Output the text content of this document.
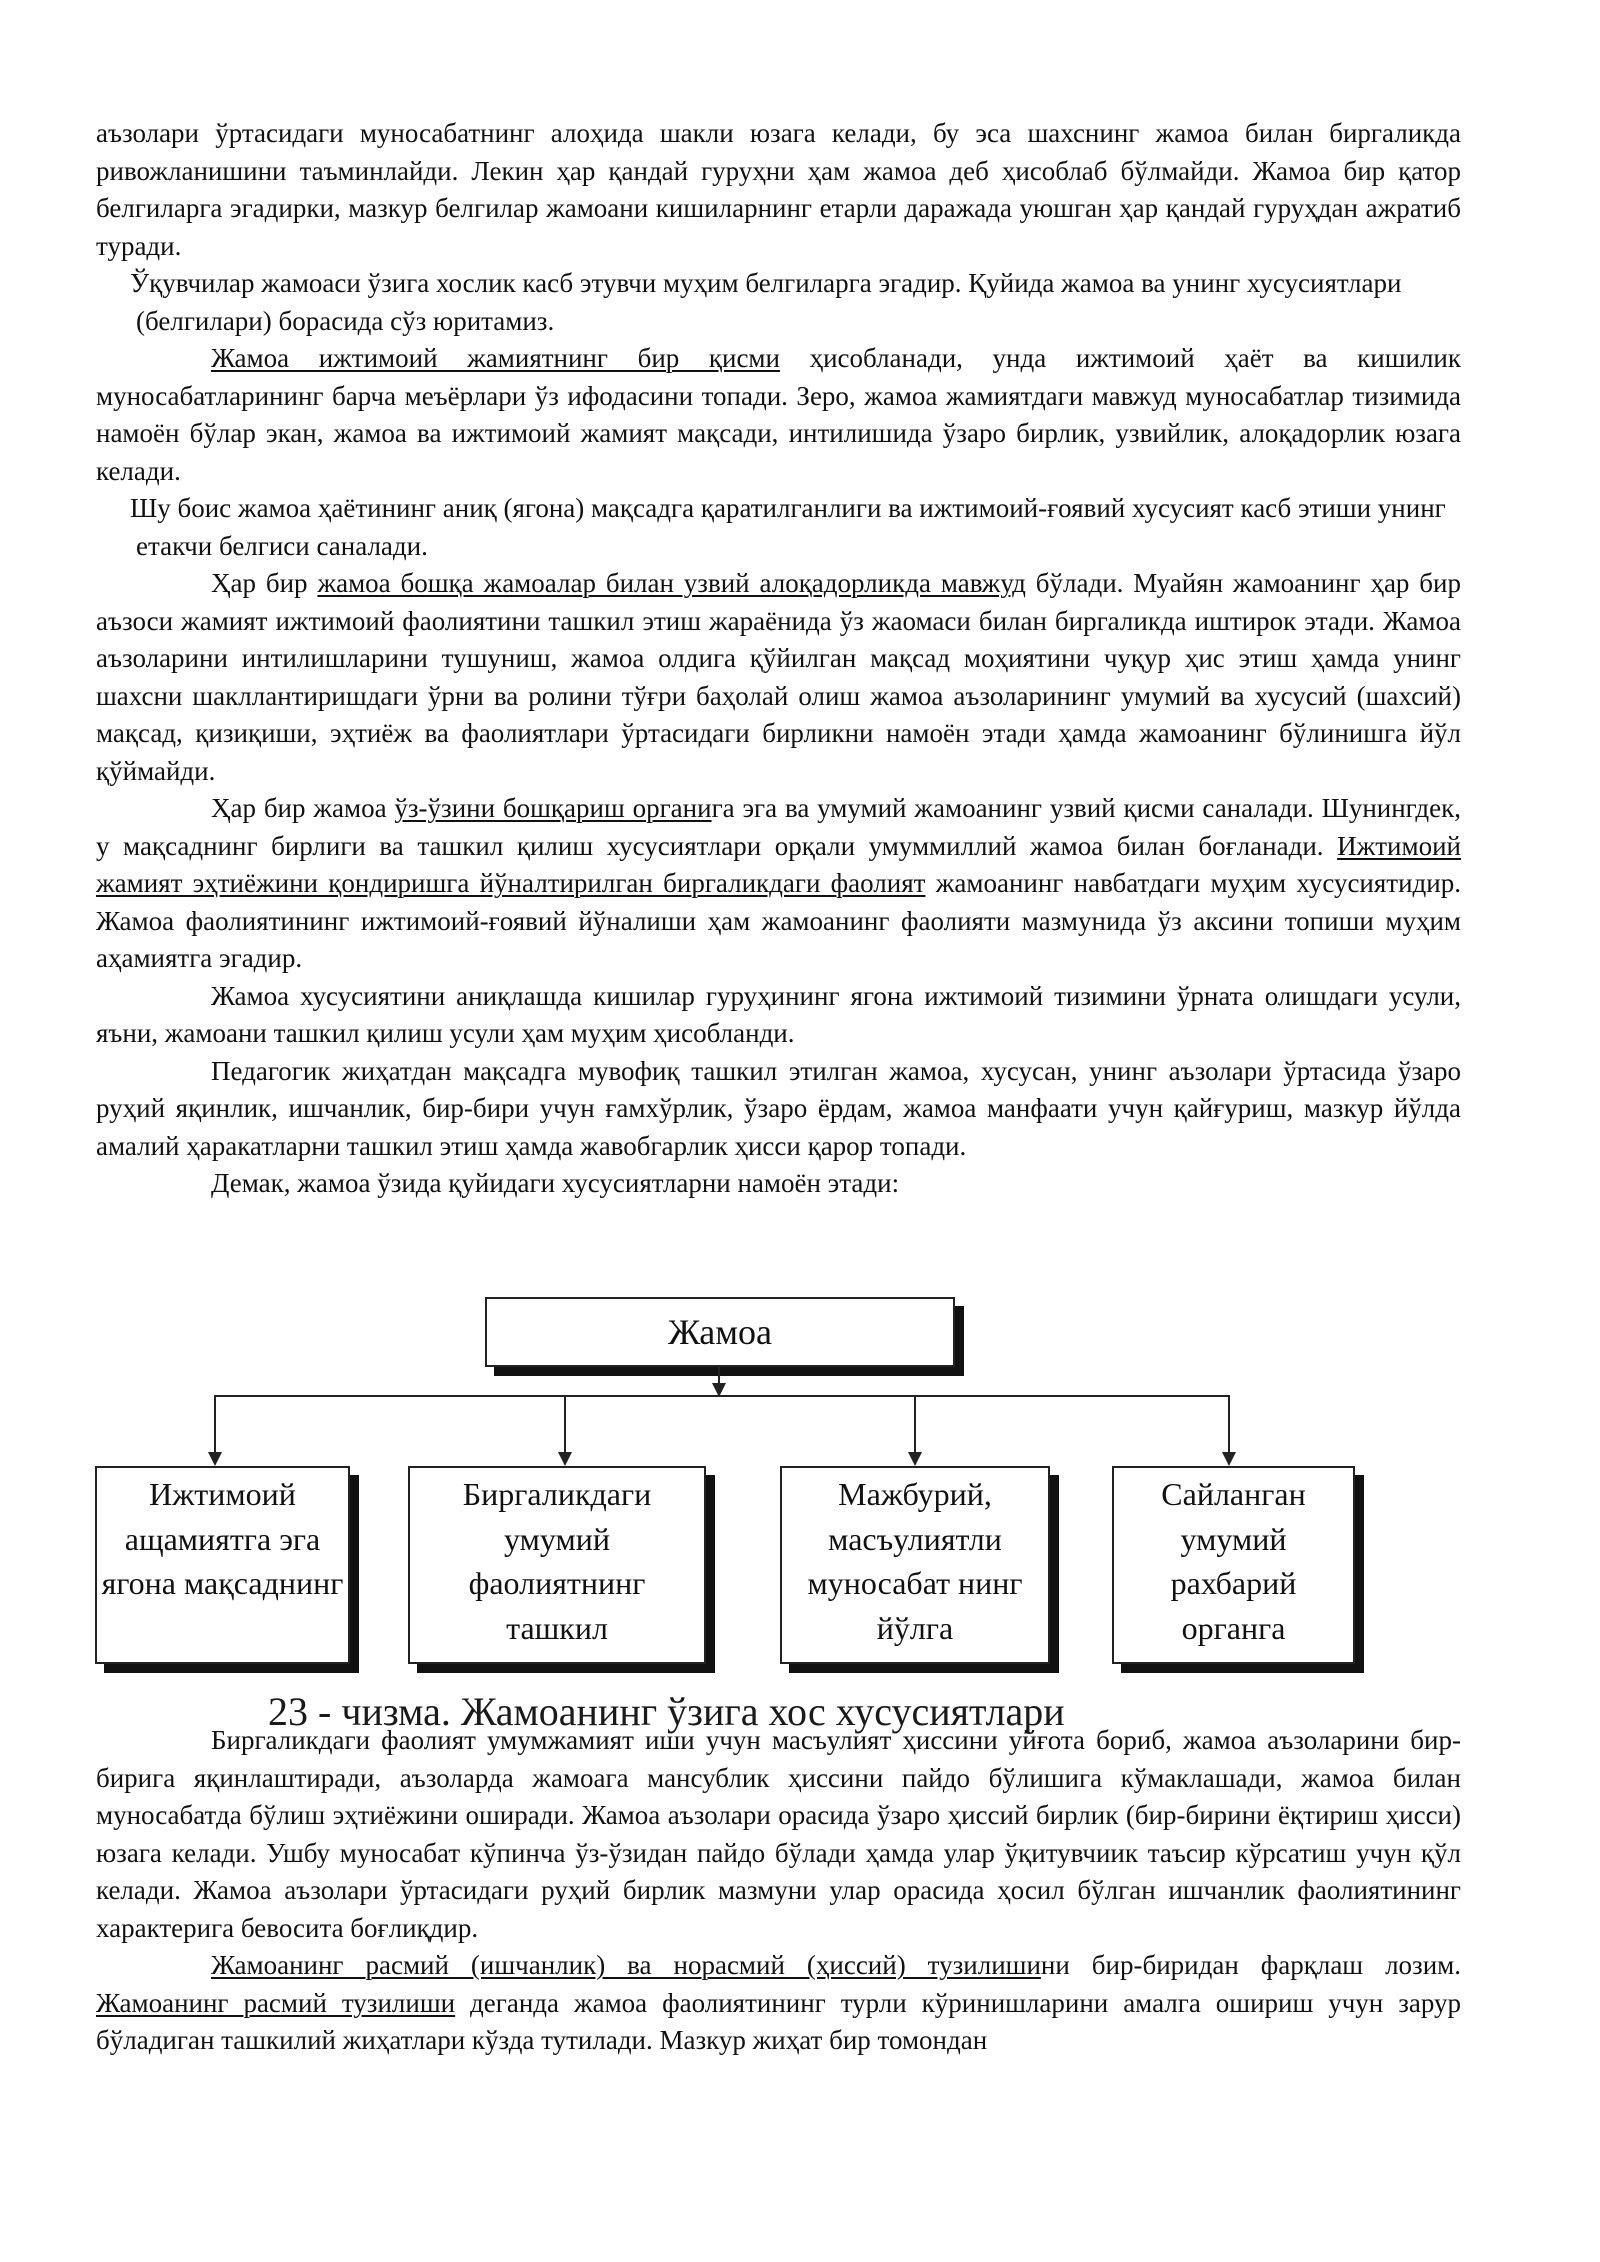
аъзолари ўртасидаги муносабатнинг алоҳида шакли юзага келади, бу эса шахснинг жамоа билан биргаликда ривожланишини таъминлайди. Лекин ҳар қандай гуруҳни ҳам жамоа деб ҳисоблаб бўлмайди. Жамоа бир қатор белгиларга эгадирки, мазкур белгилар жамоани кишиларнинг етарли даражада уюшган ҳар қандай гуруҳдан ажратиб туради.

Ўқувчилар жамоаси ўзига хослик касб этувчи муҳим белгиларга эгадир. Қуйида жамоа ва унинг хусусиятлари (белгилари) борасида сўз юритамиз.

Жамоа ижтимоий жамиятнинг бир қисми ҳисобланади, унда ижтимоий ҳаёт ва кишилик муносабатларининг барча меъёрлари ўз ифодасини топади. Зеро, жамоа жамиятдаги мавжуд муносабатлар тизимида намоён бўлар экан, жамоа ва ижтимоий жамият мақсади, интилишида ўзаро бирлик, узвийлик, алоқадорлик юзага келади.

Шу боис жамоа ҳаётининг аниқ (ягона) мақсадга қаратилганлиги ва ижтимоий-ғоявий хусусият касб этиши унинг етакчи белгиси саналади.

Ҳар бир жамоа бошқа жамоалар билан узвий алоқадорликда мавжуд бўлади. Муайян жамоанинг ҳар бир аъзоси жамият ижтимоий фаолиятини ташкил этиш жараёнида ўз жаомаси билан биргаликда иштирок этади. Жамоа аъзоларини интилишларини тушуниш, жамоа олдига қўйилган мақсад моҳиятини чуқур ҳис этиш ҳамда унинг шахсни шакллантиришдаги ўрни ва ролини тўғри баҳолай олиш жамоа аъзоларининг умумий ва хусусий (шахсий) мақсад, қизиқиши, эҳтиёж ва фаолиятлари ўртасидаги бирликни намоён этади ҳамда жамоанинг бўлинишга йўл қўймайди.

Ҳар бир жамоа ўз-ўзини бошқариш органига эга ва умумий жамоанинг узвий қисми саналади. Шунингдек, у мақсаднинг бирлиги ва ташкил қилиш хусусиятлари орқали умуммиллий жамоа билан боғланади. Ижтимоий жамият эҳтиёжини қондиришга йўналтирилган биргаликдаги фаолият жамоанинг навбатдаги муҳим хусусиятидир. Жамоа фаолиятининг ижтимоий-ғоявий йўналиши ҳам жамоанинг фаолияти мазмунида ўз аксини топиши муҳим аҳамиятга эгадир.

Жамоа хусусиятини аниқлашда кишилар гуруҳининг ягона ижтимоий тизимини ўрната олишдаги усули, яъни, жамоани ташкил қилиш усули ҳам муҳим ҳисобланди.

Педагогик жиҳатдан мақсадга мувофиқ ташкил этилган жамоа, хусусан, унинг аъзолари ўртасида ўзаро руҳий яқинлик, ишчанлик, бир-бири учун ғамхўрлик, ўзаро ёрдам, жамоа манфаати учун қайғуриш, мазкур йўлда амалий ҳаракатларни ташкил этиш ҳамда жавобгарлик ҳисси қарор топади.

Демак, жамоа ўзида қуйидаги хусусиятларни намоён этади:

Жамоа
Ижтимоий ащамиятга эга ягона мақсаднинг
Биргаликдаги умумий фаолиятнинг ташкил
Мажбурий, масъулиятли муносабат нинг йўлга
Сайланган умумий рахбарий органга

Биргаликдаги фаолият умумжамият иши учун масъулият ҳиссини уйғота бориб, жамоа аъзоларини бир-бирига яқинлаштиради, аъзоларда жамоага мансублик ҳиссини пайдо бўлишига кўмаклашади, жамоа билан муносабатда бўлиш эҳтиёжини оширади. Жамоа аъзолари орасида ўзаро ҳиссий бирлик (бир-бирини ёқтириш ҳисси) юзага келади. Ушбу муносабат кўпинча ўз-ўзидан пайдо бўлади ҳамда улар ўқитувчиик таъсир кўрсатиш учун қўл келади. Жамоа аъзолари ўртасидаги руҳий бирлик мазмуни улар орасида ҳосил бўлган ишчанлик фаолиятининг характерига бевосита боғлиқдир.

Жамоанинг расмий (ишчанлик) ва норасмий (ҳиссий) тузилишини бир-биридан фарқлаш лозим. Жамоанинг расмий тузилиши деганда жамоа фаолиятининг турли кўринишларини амалга ошириш учун зарур бўладиган ташкилий жиҳатлари кўзда тутилади. Мазкур жиҳат бир томондан

23 - чизма. Жамоанинг ўзига хос хусусиятлари
